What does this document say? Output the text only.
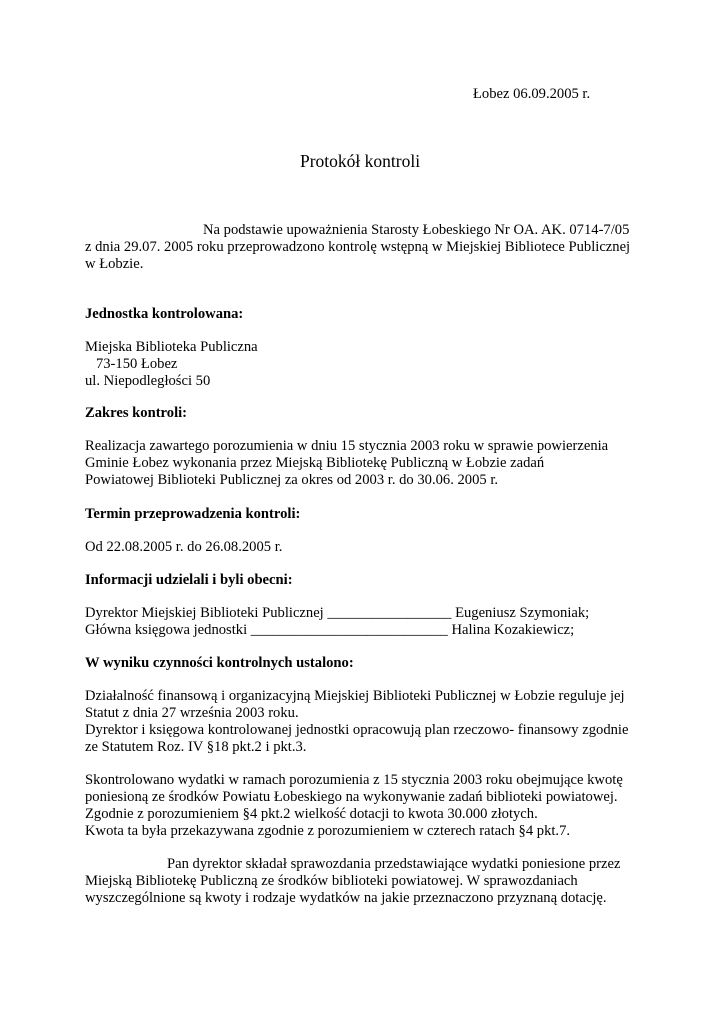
Łobez 06.09.2005 r.

Protokół kontroli

Na podstawie upoważnienia Starosty Łobeskiego Nr OA. AK. 0714-7/05

z dnia 29.07. 2005 roku przeprowadzono kontrolę wstępną w Miejskiej Bibliotece Publicznej

w Łobzie.

Jednostka kontrolowana:

Miejska Biblioteka Publiczna

73-150 Łobez

ul. Niepodległości 50

Zakres kontroli:

Realizacja zawartego porozumienia w dniu 15 stycznia 2003 roku w sprawie powierzenia

Gminie Łobez wykonania przez Miejską Bibliotekę Publiczną w Łobzie zadań

Powiatowej Biblioteki Publicznej za okres od 2003 r. do 30.06. 2005 r.

Termin przeprowadzenia kontroli:

Od 22.08.2005 r. do 26.08.2005 r.

Informacji udzielali i byli obecni:

Dyrektor Miejskiej Biblioteki Publicznej _________________ Eugeniusz Szymoniak;

Główna księgowa jednostki ___________________________ Halina Kozakiewicz;

W wyniku czynności kontrolnych ustalono:

Działalność finansową i organizacyjną Miejskiej Biblioteki Publicznej w Łobzie reguluje jej

Statut z dnia 27 września 2003 roku.

Dyrektor i księgowa kontrolowanej jednostki opracowują plan rzeczowo- finansowy zgodnie

ze Statutem Roz. IV §18 pkt.2 i pkt.3.

Skontrolowano wydatki w ramach porozumienia z 15 stycznia 2003 roku obejmujące kwotę

poniesioną ze środków Powiatu Łobeskiego na wykonywanie zadań biblioteki powiatowej.

Zgodnie z porozumieniem §4 pkt.2 wielkość dotacji to kwota 30.000 złotych.

Kwota ta była przekazywana zgodnie z porozumieniem w czterech ratach §4 pkt.7.

Pan dyrektor składał sprawozdania przedstawiające wydatki poniesione przez

Miejską Bibliotekę Publiczną ze środków biblioteki powiatowej. W sprawozdaniach

wyszczególnione są kwoty i rodzaje wydatków na jakie przeznaczono przyznaną dotację.
